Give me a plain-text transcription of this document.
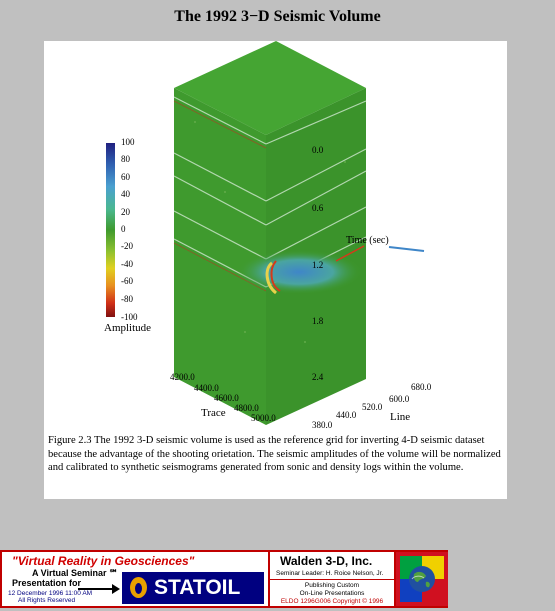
The 1992 3−D Seismic Volume
100
80
60
40
20
0
-20
-40
-60
-80
-100
Amplitude
Time (sec)
0.0
0.6
1.2
1.8
2.4
4200.0
4400.0
4600.0
4800.0
5000.0
Trace
380.0
440.0
520.0
600.0
680.0
Line
Figure 2.3 The 1992 3-D seismic volume is used as the reference grid for inverting 4-D seismic dataset because the advantage of the shooting orietation. The seismic amplitudes of the volume will be normalized and calibrated to synthetic seismograms generated from sonic and density logs within the volume.
"Virtual Reality in Geosciences"
A Virtual Seminar ℠
Presentation for
12 December 1996 11:00 AM
All Rights Reserved
STATOIL
Walden 3-D, Inc.
Seminar Leader: H. Roice Nelson, Jr.
Publishing Custom
On-Line Presentations
ELDO 1296G006 Copyright © 1996
